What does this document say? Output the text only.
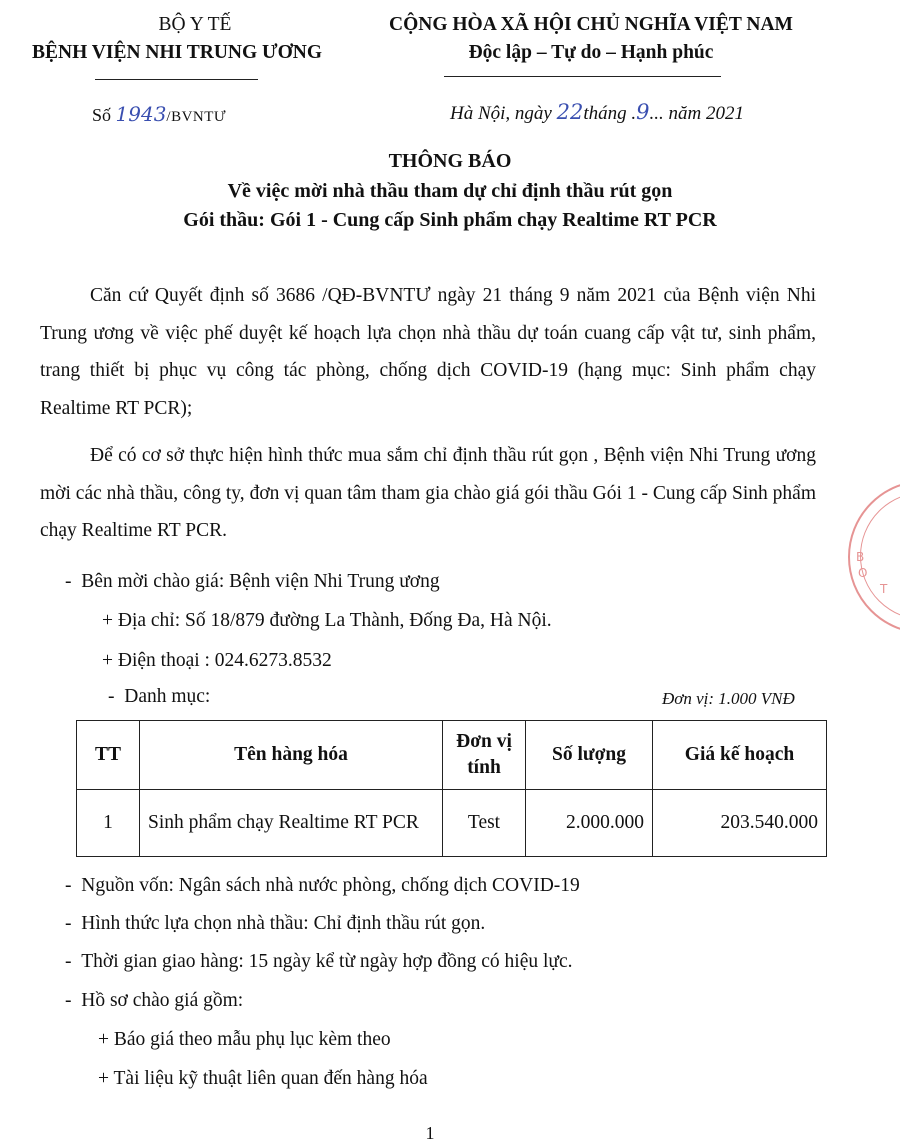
BỘ Y TẾ
BỆNH VIỆN NHI TRUNG ƯƠNG
CỘNG HÒA XÃ HỘI CHỦ NGHĨA VIỆT NAM
Độc lập – Tự do – Hạnh phúc
Số 1943/BVNTƯ	Hà Nội, ngày 22tháng .9... năm 2021
THÔNG BÁO
Về việc mời nhà thầu tham dự chỉ định thầu rút gọn
Gói thầu: Gói 1 - Cung cấp Sinh phẩm chạy Realtime RT PCR
Căn cứ Quyết định số 3686 /QĐ-BVNTƯ ngày 21 tháng 9 năm 2021 của Bệnh viện Nhi Trung ương về việc phế duyệt kế hoạch lựa chọn nhà thầu dự toán cuang cấp vật tư, sinh phẩm, trang thiết bị phục vụ công tác phòng, chống dịch COVID-19 (hạng mục: Sinh phẩm chạy Realtime RT PCR);
Để có cơ sở thực hiện hình thức mua sắm chỉ định thầu rút gọn , Bệnh viện Nhi Trung ương mời các nhà thầu, công ty, đơn vị quan tâm tham gia chào giá gói thầu Gói 1 - Cung cấp Sinh phẩm chạy Realtime RT PCR.
-  Bên mời chào giá: Bệnh viện Nhi Trung ương
+ Địa chỉ: Số 18/879 đường La Thành, Đống Đa, Hà Nội.
+ Điện thoại : 024.6273.8532
-  Danh mục:	Đơn vị: 1.000 VNĐ
TT	Tên hàng hóa	Đơn vị tính	Số lượng	Giá kế hoạch
1	Sinh phẩm chạy Realtime RT PCR	Test	2.000.000	203.540.000
-  Nguồn vốn: Ngân sách nhà nước phòng, chống dịch COVID-19
-  Hình thức lựa chọn nhà thầu: Chỉ định thầu rút gọn.
-  Thời gian giao hàng: 15 ngày kể từ ngày hợp đồng có hiệu lực.
-  Hồ sơ chào giá gồm:
+ Báo giá theo mẫu phụ lục kèm theo
+ Tài liệu kỹ thuật liên quan đến hàng hóa
1
B
O
T
